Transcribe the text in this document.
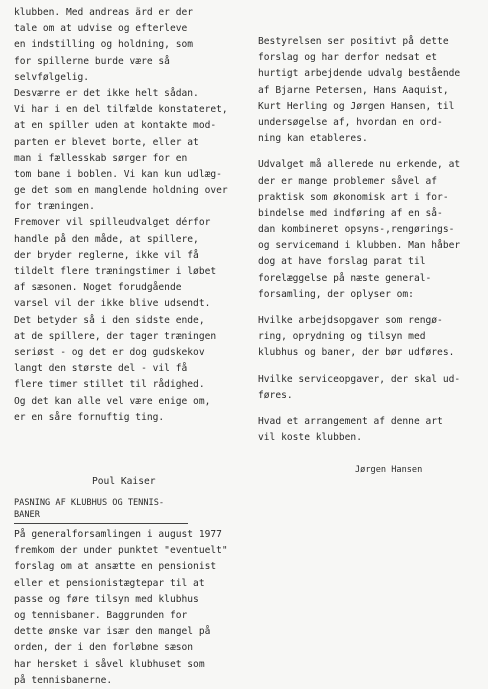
klubben. Med andreas ärd er der
tale om at udvise og efterleve
en indstilling og holdning, som
for spillerne burde være så
selvfølgelig.
Desværre er det ikke helt sådan.
Vi har i en del tilfælde konstateret,
at en spiller uden at kontakte mod-
parten er blevet borte, eller at
man i fællesskab sørger for en
tom bane i boblen. Vi kan kun udlæg-
ge det som en manglende holdning over
for træningen.
Fremover vil spilleudvalget dérfor
handle på den måde, at spillere,
der bryder reglerne, ikke vil få
tildelt flere træningstimer i løbet
af sæsonen. Noget forudgående
varsel vil der ikke blive udsendt.
Det betyder så i den sidste ende,
at de spillere, der tager træningen
seriøst - og det er dog gudskekov
langt den største del - vil få
flere timer stillet til rådighed.
Og det kan alle vel være enige om,
er en såre fornuftig ting.
Poul Kaiser
PASNING AF KLUBHUS OG TENNIS-
BANER
På generalforsamlingen i august 1977
fremkom der under punktet "eventuelt"
forslag om at ansætte en pensionist
eller et pensionistægtepar til at
passe og føre tilsyn med klubhus
og tennisbaner. Baggrunden for
dette ønske var især den mangel på
orden, der i den forløbne sæson
har hersket i såvel klubhuset som
på tennisbanerne.
Bestyrelsen ser positivt på dette
forslag og har derfor nedsat et
hurtigt arbejdende udvalg bestående
af Bjarne Petersen, Hans Aaquist,
Kurt Herling og Jørgen Hansen, til
undersøgelse af, hvordan en ord-
ning kan etableres.
Udvalget må allerede nu erkende, at
der er mange problemer såvel af
praktisk som økonomisk art i for-
bindelse med indføring af en så-
dan kombineret opsyns-,rengørings-
og servicemand i klubben. Man håber
dog at have forslag parat til
forelæggelse på næste general-
forsamling, der oplyser om:
Hvilke arbejdsopgaver som rengø-
ring, oprydning og tilsyn med
klubhus og baner, der bør udføres.
Hvilke serviceopgaver, der skal ud-
føres.
Hvad et arrangement af denne art
vil koste klubben.
Jørgen Hansen
